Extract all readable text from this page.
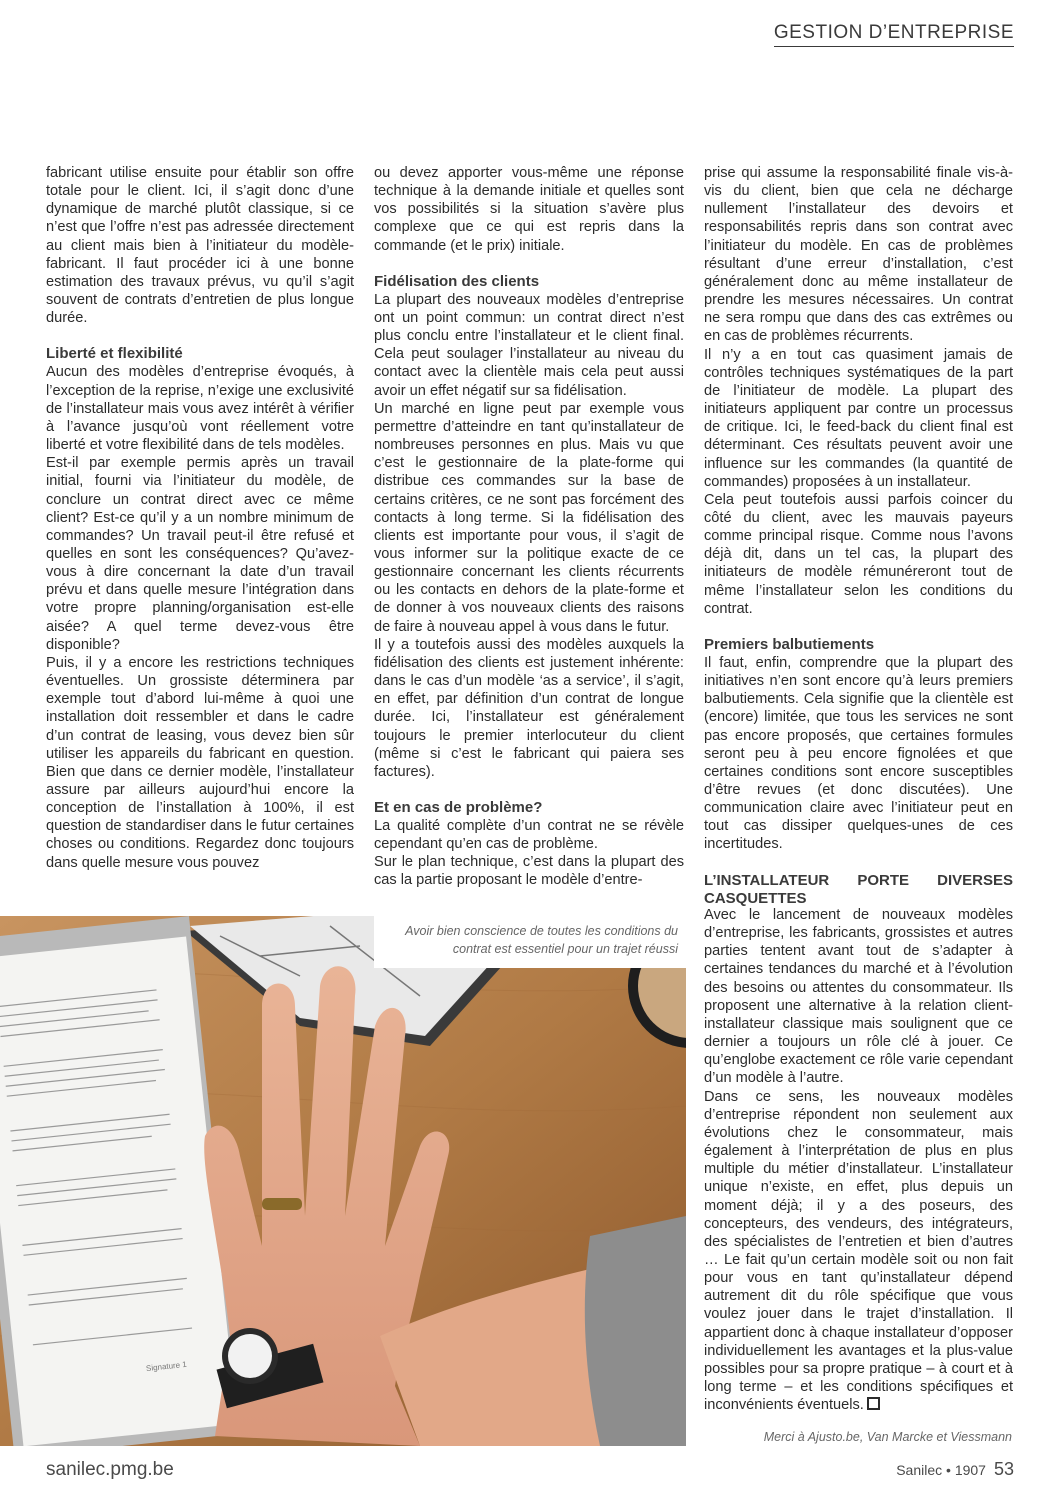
GESTION D’ENTREPRISE

fabricant utilise ensuite pour établir son offre totale pour le client. Ici, il s’agit donc d’une dynamique de marché plutôt classique, si ce n’est que l’offre n’est pas adressée directement au client mais bien à l’initiateur du modèle-fabricant. Il faut procéder ici à une bonne estimation des travaux prévus, vu qu’il s’agit souvent de contrats d’entretien de plus longue durée.

Liberté et flexibilité

Aucun des modèles d’entreprise évoqués, à l’exception de la reprise, n’exige une exclusivité de l’installateur mais vous avez intérêt à vérifier à l’avance jusqu’où vont réellement votre liberté et votre flexibilité dans de tels modèles.

Est-il par exemple permis après un travail initial, fourni via l’initiateur du modèle, de conclure un contrat direct avec ce même client? Est-ce qu’il y a un nombre minimum de commandes? Un travail peut-il être refusé et quelles en sont les conséquences? Qu’avez-vous à dire concernant la date d’un travail prévu et dans quelle mesure l’intégration dans votre propre planning/organisation est-elle aisée? A quel terme devez-vous être disponible?

Puis, il y a encore les restrictions techniques éventuelles. Un grossiste déterminera par exemple tout d’abord lui-même à quoi une installation doit ressembler et dans le cadre d’un contrat de leasing, vous devez bien sûr utiliser les appareils du fabricant en question. Bien que dans ce dernier modèle, l’installateur assure par ailleurs aujourd’hui encore la conception de l’installation à 100%, il est question de standardiser dans le futur certaines choses ou conditions. Regardez donc toujours dans quelle mesure vous pouvez

ou devez apporter vous-même une réponse technique à la demande initiale et quelles sont vos possibilités si la situation s’avère plus complexe que ce qui est repris dans la commande (et le prix) initiale.

Fidélisation des clients

La plupart des nouveaux modèles d’entreprise ont un point commun: un contrat direct n’est plus conclu entre l’installateur et le client final. Cela peut soulager l’installateur au niveau du contact avec la clientèle mais cela peut aussi avoir un effet négatif sur sa fidélisation.

Un marché en ligne peut par exemple vous permettre d’atteindre en tant qu’installateur de nombreuses personnes en plus. Mais vu que c’est le gestionnaire de la plate-forme qui distribue ces commandes sur la base de certains critères, ce ne sont pas forcément des contacts à long terme. Si la fidélisation des clients est importante pour vous, il s’agit de vous informer sur la politique exacte de ce gestionnaire concernant les clients récurrents ou les contacts en dehors de la plate-forme et de donner à vos nouveaux clients des raisons de faire à nouveau appel à vous dans le futur.

Il y a toutefois aussi des modèles auxquels la fidélisation des clients est justement inhérente: dans le cas d’un modèle ‘as a service’, il s’agit, en effet, par définition d’un contrat de longue durée. Ici, l’installateur est généralement toujours le premier interlocuteur du client (même si c’est le fabricant qui paiera ses factures).

Et en cas de problème?

La qualité complète d’un contrat ne se révèle cependant qu’en cas de problème.

Sur le plan technique, c’est dans la plupart des cas la partie proposant le modèle d’entre-

prise qui assume la responsabilité finale vis-à-vis du client, bien que cela ne décharge nullement l’installateur des devoirs et responsabilités repris dans son contrat avec l’initiateur du modèle. En cas de problèmes résultant d’une erreur d’installation, c’est généralement donc au même installateur de prendre les mesures nécessaires. Un contrat ne sera rompu que dans des cas extrêmes ou en cas de problèmes récurrents.

Il n’y a en tout cas quasiment jamais de contrôles techniques systématiques de la part de l’initiateur de modèle. La plupart des initiateurs appliquent par contre un processus de critique. Ici, le feed-back du client final est déterminant. Ces résultats peuvent avoir une influence sur les commandes (la quantité de commandes) proposées à un installateur.

Cela peut toutefois aussi parfois coincer du côté du client, avec les mauvais payeurs comme principal risque. Comme nous l’avons déjà dit, dans un tel cas, la plupart des initiateurs de modèle rémunéreront tout de même l’installateur selon les conditions du contrat.

Premiers balbutiements

Il faut, enfin, comprendre que la plupart des initiatives n’en sont encore qu’à leurs premiers balbutiements. Cela signifie que la clientèle est (encore) limitée, que tous les services ne sont pas encore proposés, que certaines formules seront peu à peu encore fignolées et que certaines conditions sont encore susceptibles d’être revues (et donc discutées). Une communication claire avec l’initiateur peut en tout cas dissiper quelques-unes de ces incertitudes.

L’INSTALLATEUR PORTE DIVERSES CASQUETTES

Avec le lancement de nouveaux modèles d’entreprise, les fabricants, grossistes et autres parties tentent avant tout de s’adapter à certaines tendances du marché et à l’évolution des besoins ou attentes du consommateur. Ils proposent une alternative à la relation client-installateur classique mais soulignent que ce dernier a toujours un rôle clé à jouer. Ce qu’englobe exactement ce rôle varie cependant d’un modèle à l’autre.

Dans ce sens, les nouveaux modèles d’entreprise répondent non seulement aux évolutions chez le consommateur, mais également à l’interprétation de plus en plus multiple du métier d’installateur. L’installateur unique n’existe, en effet, plus depuis un moment déjà; il y a des poseurs, des concepteurs, des vendeurs, des intégrateurs, des spécialistes de l’entretien et bien d’autres … Le fait qu’un certain modèle soit ou non fait pour vous en tant qu’installateur dépend autrement dit du rôle spécifique que vous voulez jouer dans le trajet d’installation. Il appartient donc à chaque installateur d’opposer individuellement les avantages et la plus-value possibles pour sa propre pratique – à court et à long terme – et les conditions spécifiques et inconvénients éventuels.

Signature 1
Avoir bien conscience de toutes les conditions du contrat est essentiel pour un trajet réussi
Merci à Ajusto.be, Van Marcke et Viessmann
sanilec.pmg.be	Sanilec • 1907 53
